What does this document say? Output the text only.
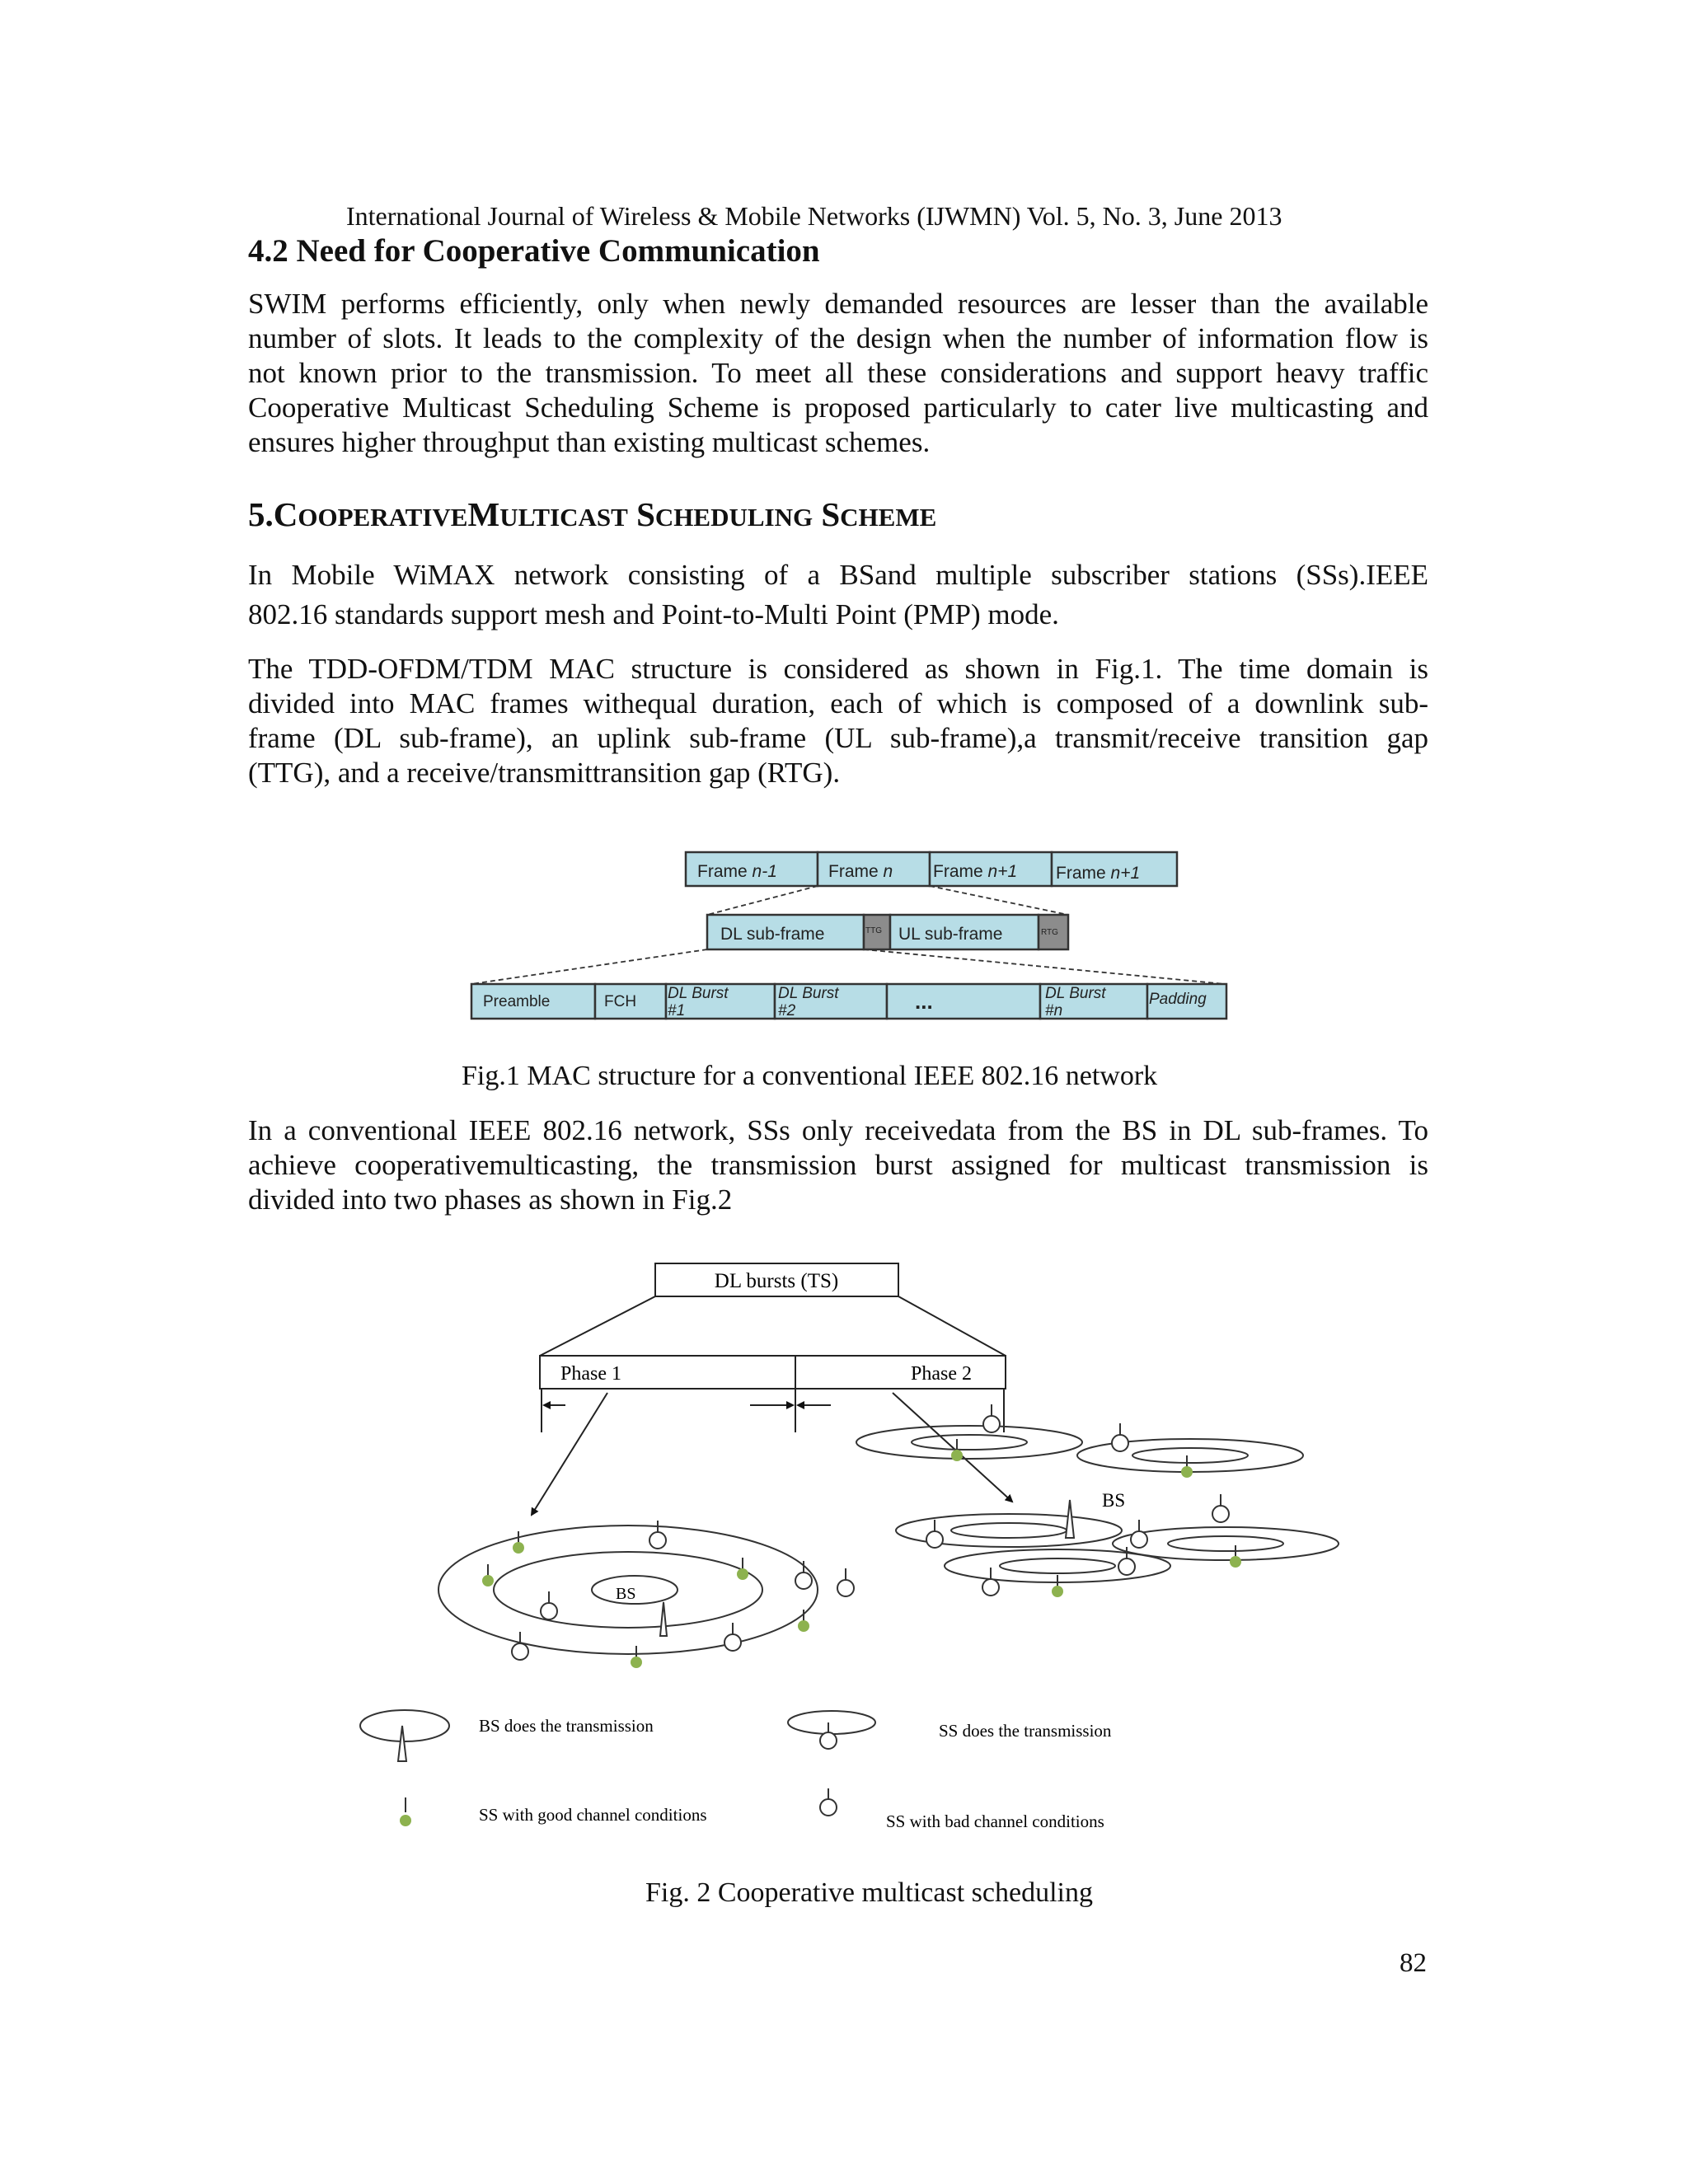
International Journal of Wireless & Mobile Networks (IJWMN) Vol. 5, No. 3, June 2013
4.2 Need for Cooperative Communication
SWIM performs efficiently, only when newly demanded resources are lesser than the available
number of slots. It leads to the complexity of the design when the number of information flow is
not known prior to the transmission. To meet all these considerations and support heavy traffic
Cooperative Multicast Scheduling Scheme is proposed particularly to cater live multicasting and
ensures higher throughput than existing multicast schemes.
5.COOPERATIVEMULTICAST SCHEDULING SCHEME
In Mobile WiMAX network consisting of a BSand multiple subscriber stations (SSs).IEEE
802.16 standards support mesh and Point-to-Multi Point (PMP) mode.
The TDD-OFDM/TDM MAC structure is considered as shown in Fig.1. The time domain is
divided into MAC frames withequal duration, each of which is composed of a downlink sub-
frame (DL sub-frame), an uplink sub-frame (UL sub-frame),a transmit/receive transition gap
(TTG), and a receive/transmittransition gap (RTG).
Frame n-1	Frame n Frame n+1 Frame n+1
DL sub-frame	TTG UL sub-frame	RTG
Preamble	FCH DL Burst
#1
DL Burst
#2	...	DL Burst
#n
Padding
Fig.1 MAC structure for a conventional IEEE 802.16 network
In a conventional IEEE 802.16 network, SSs only receivedata from the BS in DL sub-frames. To
achieve cooperativemulticasting, the transmission burst assigned for multicast transmission is
divided into two phases as shown in Fig.2
DL bursts (TS)
Phase 1	Phase 2
BS
BS
BS does the transmission	SS does the transmission
SS with good channel conditions	SS with bad channel conditions
Fig. 2 Cooperative multicast scheduling
82
